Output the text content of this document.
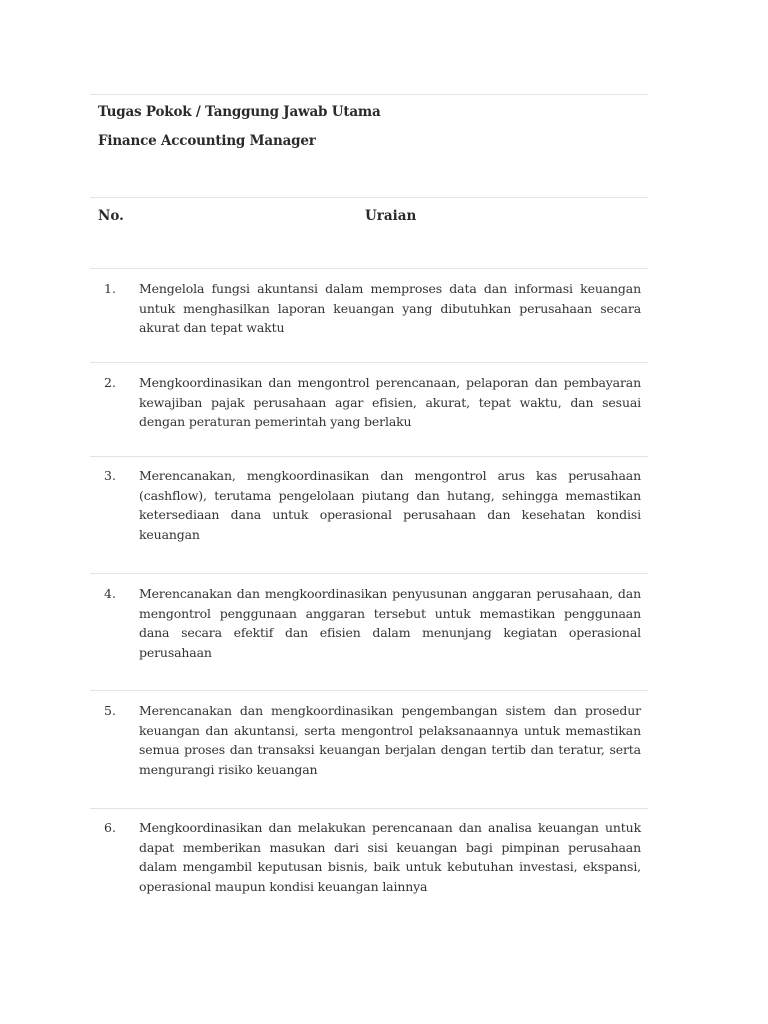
Tugas Pokok / Tanggung Jawab Utama
Finance Accounting Manager
No.	Uraian
1.	Mengelola fungsi akuntansi dalam memproses data dan informasi keuangan untuk menghasilkan laporan keuangan yang dibutuhkan perusahaan secara akurat dan tepat waktu
2.	Mengkoordinasikan dan mengontrol perencanaan, pelaporan dan pembayaran kewajiban pajak perusahaan agar efisien, akurat, tepat waktu, dan sesuai dengan peraturan pemerintah yang berlaku
3.	Merencanakan, mengkoordinasikan dan mengontrol arus kas perusahaan (cashflow), terutama pengelolaan piutang dan hutang, sehingga memastikan ketersediaan dana untuk operasional perusahaan dan kesehatan kondisi keuangan
4.	Merencanakan dan mengkoordinasikan penyusunan anggaran perusahaan, dan mengontrol penggunaan anggaran tersebut untuk memastikan penggunaan dana secara efektif dan efisien dalam menunjang kegiatan operasional perusahaan
5.	Merencanakan dan mengkoordinasikan pengembangan sistem dan prosedur keuangan dan akuntansi, serta mengontrol pelaksanaannya untuk memastikan semua proses dan transaksi keuangan berjalan dengan tertib dan teratur, serta mengurangi risiko keuangan
6.	Mengkoordinasikan dan melakukan perencanaan dan analisa keuangan untuk dapat memberikan masukan dari sisi keuangan bagi pimpinan perusahaan dalam mengambil keputusan bisnis, baik untuk kebutuhan investasi, ekspansi, operasional maupun kondisi keuangan lainnya
